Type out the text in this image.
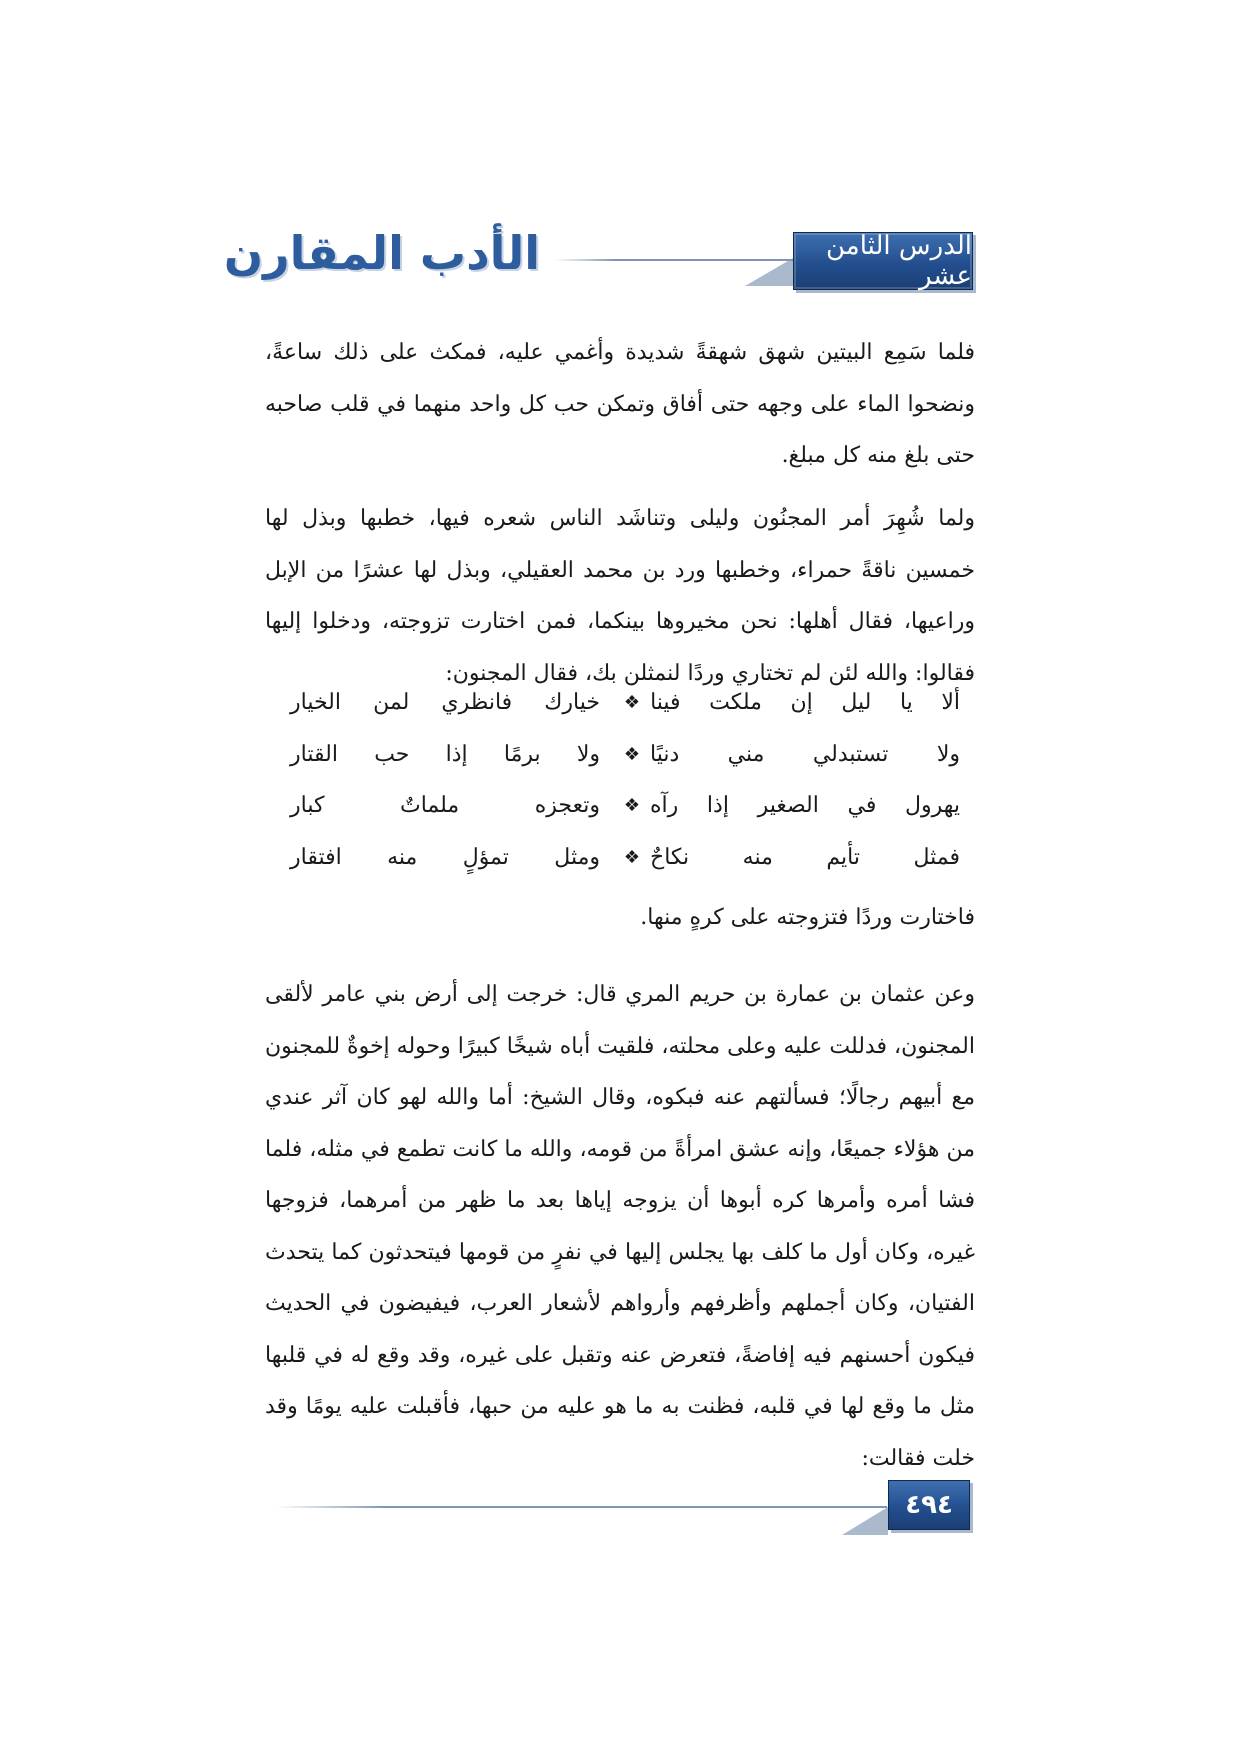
الدرس الثامن عشر
الأدب المقارن

فلما سَمِع البيتين شهق شهقةً شديدة وأغمي عليه، فمكث على ذلك ساعةً، ونضحوا الماء على وجهه حتى أفاق وتمكن حب كل واحد منهما في قلب صاحبه حتى بلغ منه كل مبلغ.

ولما شُهِرَ أمر المجنُون وليلى وتناشَد الناس شعره فيها، خطبها وبذل لها خمسين ناقةً حمراء، وخطبها ورد بن محمد العقيلي، وبذل لها عشرًا من الإبل وراعيها، فقال أهلها: نحن مخيروها بينكما، فمن اختارت تزوجته، ودخلوا إليها فقالوا: والله لئن لم تختاري وردًا لنمثلن بك، فقال المجنون:

ألا
يا
ليل
إن
ملكت
فينا
❖
خيارك
فانظري
لمن
الخيار
ولا
تستبدلي
مني
دنيًا
❖
ولا
برمًا
إذا
حب
القتار
يهرول
في
الصغير
إذا
رآه
❖
وتعجزه
ملماتٌ
كبار
فمثل
تأيم
منه
نكاحٌ
❖
ومثل
تمؤلٍ
منه
افتقار

فاختارت وردًا فتزوجته على كرهٍ منها.

وعن عثمان بن عمارة بن حريم المري قال: خرجت إلى أرض بني عامر لألقى المجنون، فدللت عليه وعلى محلته، فلقيت أباه شيخًا كبيرًا وحوله إخوةٌ للمجنون مع أبيهم رجالًا؛ فسألتهم عنه فبكوه، وقال الشيخ: أما والله لهو كان آثر عندي من هؤلاء جميعًا، وإنه عشق امرأةً من قومه، والله ما كانت تطمع في مثله، فلما فشا أمره وأمرها كره أبوها أن يزوجه إياها بعد ما ظهر من أمرهما، فزوجها غيره، وكان أول ما كلف بها يجلس إليها في نفرٍ من قومها فيتحدثون كما يتحدث الفتيان، وكان أجملهم وأظرفهم وأرواهم لأشعار العرب، فيفيضون في الحديث فيكون أحسنهم فيه إفاضةً، فتعرض عنه وتقبل على غيره، وقد وقع له في قلبها مثل ما وقع لها في قلبه، فظنت به ما هو عليه من حبها، فأقبلت عليه يومًا وقد خلت فقالت:

٤٩٤
